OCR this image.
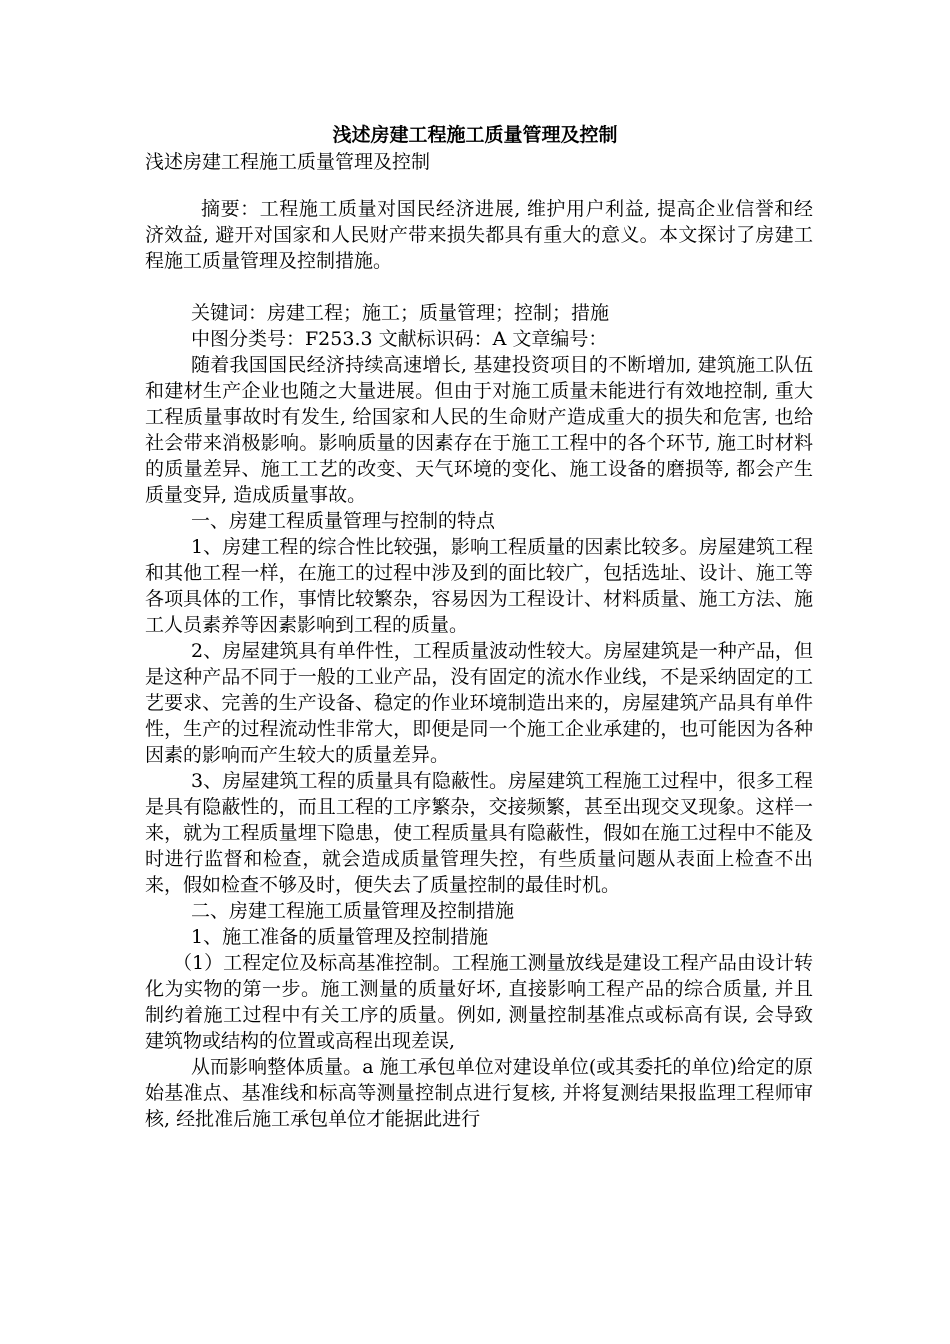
浅述房建工程施工质量管理及控制
浅述房建工程施工质量管理及控制

摘要：工程施工质量对国民经济进展, 维护用户利益, 提高企业信誉和经济效益, 避开对国家和人民财产带来损失都具有重大的意义。本文探讨了房建工程施工质量管理及控制措施。

关键词：房建工程；施工；质量管理；控制；措施

中图分类号：F253.3 文献标识码：A 文章编号：

随着我国国民经济持续高速增长, 基建投资项目的不断增加, 建筑施工队伍和建材生产企业也随之大量进展。但由于对施工质量未能进行有效地控制, 重大工程质量事故时有发生, 给国家和人民的生命财产造成重大的损失和危害, 也给社会带来消极影响。影响质量的因素存在于施工工程中的各个环节, 施工时材料的质量差异、施工工艺的改变、天气环境的变化、施工设备的磨损等, 都会产生质量变异, 造成质量事故。

一、房建工程质量管理与控制的特点

1、房建工程的综合性比较强，影响工程质量的因素比较多。房屋建筑工程和其他工程一样，在施工的过程中涉及到的面比较广，包括选址、设计、施工等各项具体的工作，事情比较繁杂，容易因为工程设计、材料质量、施工方法、施工人员素养等因素影响到工程的质量。

2、房屋建筑具有单件性，工程质量波动性较大。房屋建筑是一种产品，但是这种产品不同于一般的工业产品，没有固定的流水作业线，不是采纳固定的工艺要求、完善的生产设备、稳定的作业环境制造出来的，房屋建筑产品具有单件性，生产的过程流动性非常大，即便是同一个施工企业承建的，也可能因为各种因素的影响而产生较大的质量差异。

3、房屋建筑工程的质量具有隐蔽性。房屋建筑工程施工过程中，很多工程是具有隐蔽性的，而且工程的工序繁杂，交接频繁，甚至出现交叉现象。这样一来，就为工程质量埋下隐患，使工程质量具有隐蔽性，假如在施工过程中不能及时进行监督和检查，就会造成质量管理失控，有些质量问题从表面上检查不出来，假如检查不够及时，便失去了质量控制的最佳时机。

二、房建工程施工质量管理及控制措施

1、施工准备的质量管理及控制措施

（1）工程定位及标高基准控制。工程施工测量放线是建设工程产品由设计转化为实物的第一步。施工测量的质量好坏, 直接影响工程产品的综合质量, 并且制约着施工过程中有关工序的质量。例如, 测量控制基准点或标高有误, 会导致建筑物或结构的位置或高程出现差误,

从而影响整体质量。a 施工承包单位对建设单位(或其委托的单位)给定的原始基准点、基准线和标高等测量控制点进行复核, 并将复测结果报监理工程师审核, 经批准后施工承包单位才能据此进行
